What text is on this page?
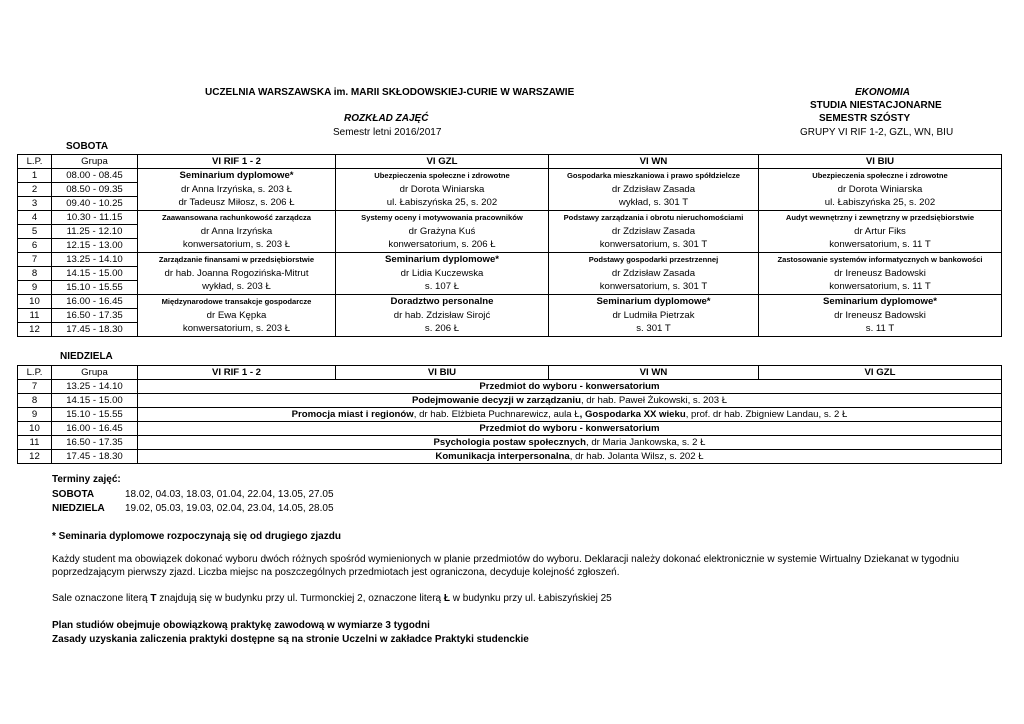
UCZELNIA WARSZAWSKA im. MARII SKŁODOWSKIEJ-CURIE W WARSZAWIE	EKONOMIA
STUDIA NIESTACJONARNE
ROZKŁAD ZAJĘĆ	SEMESTR SZÓSTY
Semestr letni 2016/2017	GRUPY VI RIF 1-2, GZL, WN, BIU
SOBOTA
L.P.	Grupa	VI RIF 1 - 2	VI GZL	VI WN	VI BIU
1	08.00 - 08.45	Seminarium dyplomowe*	Ubezpieczenia społeczne i zdrowotne	Gospodarka mieszkaniowa i prawo spółdzielcze	Ubezpieczenia społeczne i zdrowotne
2	08.50 - 09.35	dr Anna Irzyńska, s. 203 Ł	dr Dorota Winiarska	dr Zdzisław Zasada	dr Dorota Winiarska
3	09.40 - 10.25	dr Tadeusz Miłosz, s. 206 Ł	ul. Łabiszyńska 25, s. 202	wykład, s. 301 T	ul. Łabiszyńska 25, s. 202
4	10.30 - 11.15	Zaawansowana rachunkowość zarządcza	Systemy oceny i motywowania pracowników	Podstawy zarządzania i obrotu nieruchomościami	Audyt wewnętrzny i zewnętrzny w przedsiębiorstwie
5	11.25 - 12.10	dr Anna Irzyńska	dr Grażyna Kuś	dr Zdzisław Zasada	dr Artur Fiks
6	12.15 - 13.00	konwersatorium, s. 203 Ł	konwersatorium, s. 206 Ł	konwersatorium, s. 301 T	konwersatorium, s. 11 T
7	13.25 - 14.10	Zarządzanie finansami w przedsiębiorstwie	Seminarium dyplomowe*	Podstawy gospodarki przestrzennej	Zastosowanie systemów informatycznych w bankowości
8	14.15 - 15.00	dr hab. Joanna Rogozińska-Mitrut	dr Lidia Kuczewska	dr Zdzisław Zasada	dr Ireneusz Badowski
9	15.10 - 15.55	wykład, s. 203 Ł	s. 107 Ł	konwersatorium, s. 301 T	konwersatorium, s. 11 T
10	16.00 - 16.45	Międzynarodowe transakcje gospodarcze	Doradztwo personalne	Seminarium dyplomowe*	Seminarium dyplomowe*
11	16.50 - 17.35	dr Ewa Kępka	dr hab. Zdzisław Sirojć	dr Ludmiła Pietrzak	dr Ireneusz Badowski
12	17.45 - 18.30	konwersatorium, s. 203 Ł	s. 206 Ł	s. 301 T	s. 11 T
NIEDZIELA
L.P.	Grupa	VI RIF 1 - 2	VI BIU	VI WN	VI GZL
7	13.25 - 14.10	Przedmiot do wyboru - konwersatorium			
8	14.15 - 15.00	Podejmowanie decyzji w zarządzaniu, dr hab. Paweł Żukowski, s. 203 Ł			
9	15.10 - 15.55	Promocja miast i regionów, dr hab. Elżbieta Puchnarewicz, aula Ł, Gospodarka XX wieku, prof. dr hab. Zbigniew Landau, s. 2 Ł			
10	16.00 - 16.45	Przedmiot do wyboru - konwersatorium			
11	16.50 - 17.35	Psychologia postaw społecznych, dr Maria Jankowska, s. 2 Ł			
12	17.45 - 18.30	Komunikacja interpersonalna, dr hab. Jolanta Wilsz, s. 202 Ł			
Terminy zajęć:
SOBOTA	18.02, 04.03, 18.03, 01.04, 22.04, 13.05, 27.05
NIEDZIELA 19.02, 05.03, 19.03, 02.04, 23.04, 14.05, 28.05
* Seminaria dyplomowe rozpoczynają się od drugiego zjazdu
Każdy student ma obowiązek dokonać wyboru dwóch różnych spośród wymienionych w planie przedmiotów do wyboru. Deklaracji należy dokonać elektronicznie w systemie Wirtualny Dziekanat w tygodniu
poprzedzającym pierwszy zjazd. Liczba miejsc na poszczególnych przedmiotach jest ograniczona, decyduje kolejność zgłoszeń.
Sale oznaczone literą T znajdują się w budynku przy ul. Turmonckiej 2, oznaczone literą Ł w budynku przy ul. Łabiszyńskiej 25
Plan studiów obejmuje obowiązkową praktykę zawodową w wymiarze 3 tygodni
Zasady uzyskania zaliczenia praktyki dostępne są na stronie Uczelni w zakładce Praktyki studenckie
